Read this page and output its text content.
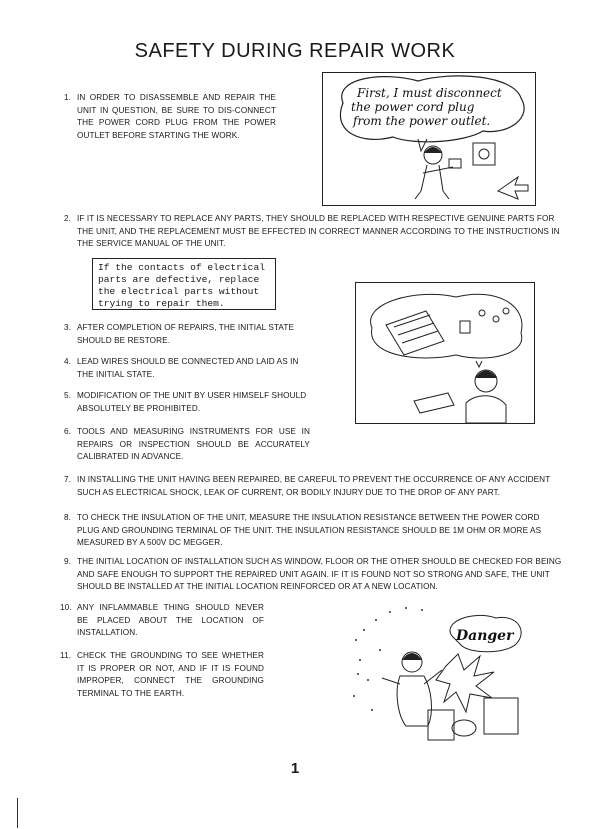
SAFETY DURING REPAIR WORK
1. IN ORDER TO DISASSEMBLE AND REPAIR THE UNIT IN QUESTION, BE SURE TO DIS-CONNECT THE POWER CORD PLUG FROM THE POWER OUTLET BEFORE STARTING THE WORK.
First, I must disconnect
the power cord plug
from the power outlet.
2. IF IT IS NECESSARY TO REPLACE ANY PARTS, THEY SHOULD BE REPLACED WITH RESPECTIVE GENUINE PARTS FOR THE UNIT, AND THE REPLACEMENT MUST BE EFFECTED IN CORRECT MANNER ACCORDING TO THE INSTRUCTIONS IN THE SERVICE MANUAL OF THE UNIT.
If the contacts of electrical
parts are defective, replace
the electrical parts without
trying to repair them.
3. AFTER COMPLETION OF REPAIRS, THE INITIAL STATE SHOULD BE RESTORE.
4. LEAD WIRES SHOULD BE CONNECTED AND LAID AS IN THE INITIAL STATE.
5. MODIFICATION OF THE UNIT BY USER HIMSELF SHOULD ABSOLUTELY BE PROHIBITED.
6. TOOLS AND MEASURING INSTRUMENTS FOR USE IN REPAIRS OR INSPECTION SHOULD BE ACCURATELY CALIBRATED IN ADVANCE.
7. IN INSTALLING THE UNIT HAVING BEEN REPAIRED, BE CAREFUL TO PREVENT THE OCCURRENCE OF ANY ACCIDENT SUCH AS ELECTRICAL SHOCK, LEAK OF CURRENT, OR BODILY INJURY DUE TO THE DROP OF ANY PART.
8. TO CHECK THE INSULATION OF THE UNIT, MEASURE THE INSULATION RESISTANCE BETWEEN THE POWER CORD PLUG AND GROUNDING TERMINAL OF THE UNIT. THE INSULATION RESISTANCE SHOULD BE 1M OHM OR MORE AS MEASURED BY A 500V DC MEGGER.
9. THE INITIAL LOCATION OF INSTALLATION SUCH AS WINDOW, FLOOR OR THE OTHER SHOULD BE CHECKED FOR BEING AND SAFE ENOUGH TO SUPPORT THE REPAIRED UNIT AGAIN. IF IT IS FOUND NOT SO STRONG AND SAFE, THE UNIT SHOULD BE INSTALLED AT THE INITIAL LOCATION REINFORCED OR AT A NEW LOCATION.
10. ANY INFLAMMABLE THING SHOULD NEVER BE PLACED ABOUT THE LOCATION OF INSTALLATION.
11. CHECK THE GROUNDING TO SEE WHETHER IT IS PROPER OR NOT, AND IF IT IS FOUND IMPROPER, CONNECT THE GROUNDING TERMINAL TO THE EARTH.
Danger
1
